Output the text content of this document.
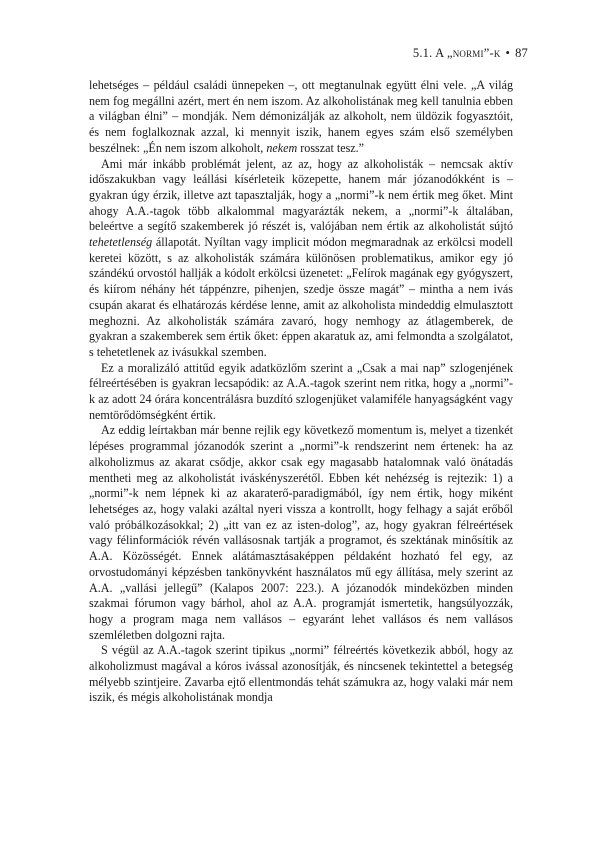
5.1. A „normi”-k • 87

lehetséges – például családi ünnepeken –, ott megtanulnak együtt élni vele. „A világ nem fog megállni azért, mert én nem iszom. Az alkoholistának meg kell tanulnia ebben a világban élni” – mondják. Nem démonizálják az alkoholt, nem üldözik fogyasztóit, és nem foglalkoznak azzal, ki mennyit iszik, hanem egyes szám első személyben beszélnek: „Én nem iszom alkoholt, nekem rosszat tesz.”

Ami már inkább problémát jelent, az az, hogy az alkoholisták – nemcsak aktív időszakukban vagy leállási kísérleteik közepette, hanem már józanodókként is – gyakran úgy érzik, illetve azt tapasztalják, hogy a „normi”-k nem értik meg őket. Mint ahogy A.A.-tagok több alkalommal magyarázták nekem, a „normi”-k általában, beleértve a segítő szakemberek jó részét is, valójában nem értik az alkoholistát sújtó tehetetlenség állapotát. Nyíltan vagy implicit módon megmaradnak az erkölcsi modell keretei között, s az alkoholisták számára különösen problematikus, amikor egy jó szándékú orvostól hallják a kódolt erkölcsi üzenetet: „Felírok magának egy gyógyszert, és kiírom néhány hét táppénzre, pihenjen, szedje össze magát” – mintha a nem ivás csupán akarat és elhatározás kérdése lenne, amit az alkoholista mindeddig elmulasztott meghozni. Az alkoholisták számára zavaró, hogy nemhogy az átlagemberek, de gyakran a szakemberek sem értik őket: éppen akaratuk az, ami felmondta a szolgálatot, s tehetetlenek az ivásukkal szemben.

Ez a moralizáló attitűd egyik adatközlőm szerint a „Csak a mai nap” szlogenjének félreértésében is gyakran lecsapódik: az A.A.-tagok szerint nem ritka, hogy a „normi”-k az adott 24 órára koncentrálásra buzdító szlogenjüket valamiféle hanyagságként vagy nemtörődömségként értik.

Az eddig leírtakban már benne rejlik egy következő momentum is, melyet a tizenkét lépéses programmal józanodók szerint a „normi”-k rendszerint nem értenek: ha az alkoholizmus az akarat csődje, akkor csak egy magasabb hatalomnak való önátadás mentheti meg az alkoholistát iváskényszerétől. Ebben két nehézség is rejtezik: 1) a „normi”-k nem lépnek ki az akaraterő-paradigmából, így nem értik, hogy miként lehetséges az, hogy valaki azáltal nyeri vissza a kontrollt, hogy felhagy a saját erőből való próbálkozásokkal; 2) „itt van ez az isten-dolog”, az, hogy gyakran félreértések vagy félinformációk révén vallásosnak tartják a programot, és szektának minősítik az A.A. Közösségét. Ennek alátámasztásaképpen példaként hozható fel egy, az orvostudományi képzésben tankönyvként használatos mű egy állítása, mely szerint az A.A. „vallási jellegű” (Kalapos 2007: 223.). A józanodók mindeközben minden szakmai fórumon vagy bárhol, ahol az A.A. programját ismertetik, hangsúlyozzák, hogy a program maga nem vallásos – egyaránt lehet vallásos és nem vallásos szemléletben dolgozni rajta.

S végül az A.A.-tagok szerint tipikus „normi” félreértés következik abból, hogy az alkoholizmust magával a kóros ivással azonosítják, és nincsenek tekintettel a betegség mélyebb szintjeire. Zavarba ejtő ellentmondás tehát számukra az, hogy valaki már nem iszik, és mégis alkoholistának mondja
